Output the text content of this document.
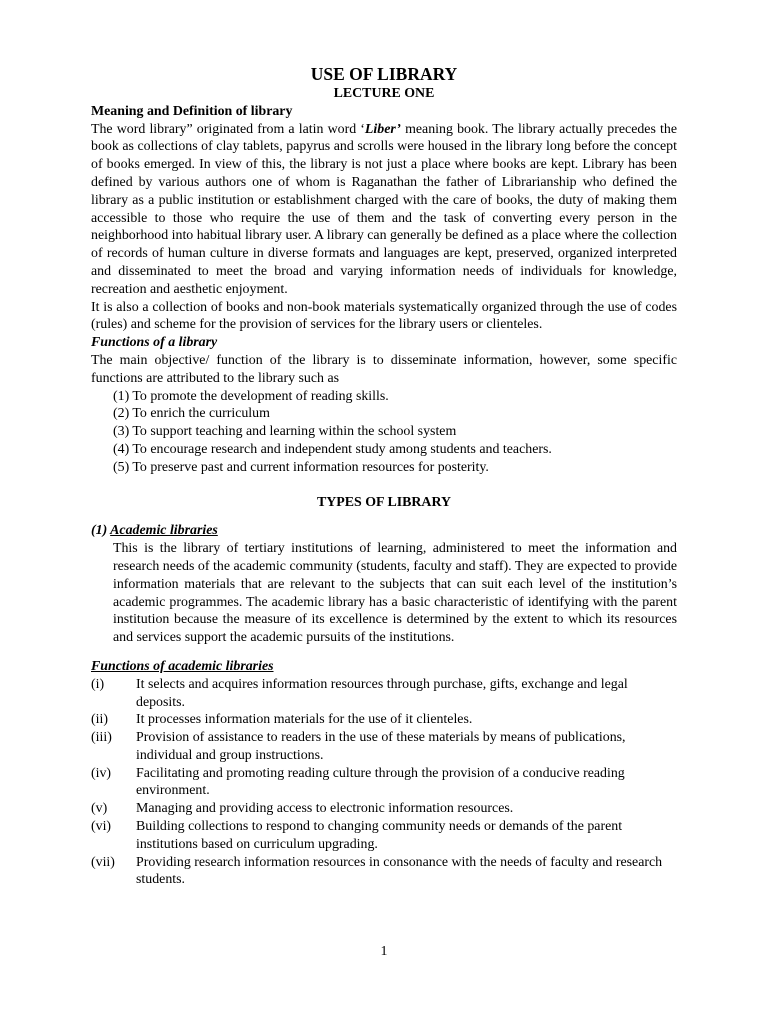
USE OF LIBRARY

LECTURE ONE

Meaning and Definition of library

The word library” originated from a latin word ‘Liber’ meaning book. The library actually precedes the book as collections of clay tablets, papyrus and scrolls were housed in the library long before the concept of books emerged. In view of this, the library is not just a place where books are kept. Library has been defined by various authors one of whom is Raganathan the father of Librarianship who defined the library as a public institution or establishment charged with the care of books, the duty of making them accessible to those who require the use of them and the task of converting every person in the neighborhood into habitual library user. A library can generally be defined as a place where the collection of records of human culture in diverse formats and languages are kept, preserved, organized interpreted and disseminated to meet the broad and varying information needs of individuals for knowledge, recreation and aesthetic enjoyment.

It is also a collection of books and non-book materials systematically organized through the use of codes (rules) and scheme for the provision of services for the library users or clienteles.

Functions of a library

The main objective/ function of the library is to disseminate information, however, some specific functions are attributed to the library such as

(1) To promote the development of reading skills.
(2) To enrich the curriculum
(3) To support teaching and learning within the school system
(4) To encourage research and independent study among students and teachers.
(5) To preserve past and current information resources for posterity.

TYPES OF LIBRARY

(1) Academic libraries

This is the library of tertiary institutions of learning, administered to meet the information and research needs of the academic community (students, faculty and staff). They are expected to provide information materials that are relevant to the subjects that can suit each level of the institution’s academic programmes. The academic library has a basic characteristic of identifying with the parent institution because the measure of its excellence is determined by the extent to which its resources and services support the academic pursuits of the institutions.

Functions of academic libraries

(i)	It selects and acquires information resources through purchase, gifts, exchange and legal deposits.
(ii)	It processes information materials for the use of it clienteles.
(iii)	Provision of assistance to readers in the use of these materials by means of publications, individual and group instructions.
(iv)	Facilitating and promoting reading culture through the provision of a conducive reading environment.
(v)	Managing and providing access to electronic information resources.
(vi)	Building collections to respond to changing community needs or demands of the parent institutions based on curriculum upgrading.
(vii)	Providing research information resources in consonance with the needs of faculty and research students.
1
